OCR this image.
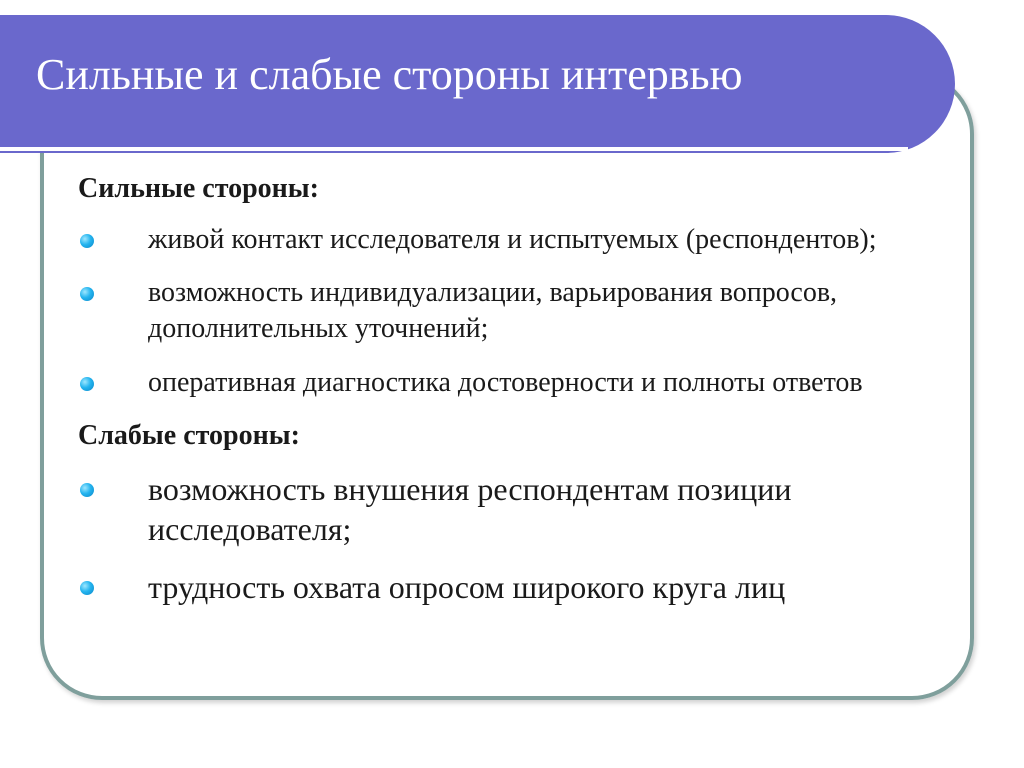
Сильные и слабые стороны интервью
Сильные стороны:
живой контакт исследователя и испытуемых (респондентов);
возможность индивидуализации, варьирования вопросов, дополнительных уточнений;
оперативная диагностика достоверности и полноты ответов
Слабые стороны:
возможность внушения респондентам позиции исследователя;
трудность охвата опросом широкого круга лиц
